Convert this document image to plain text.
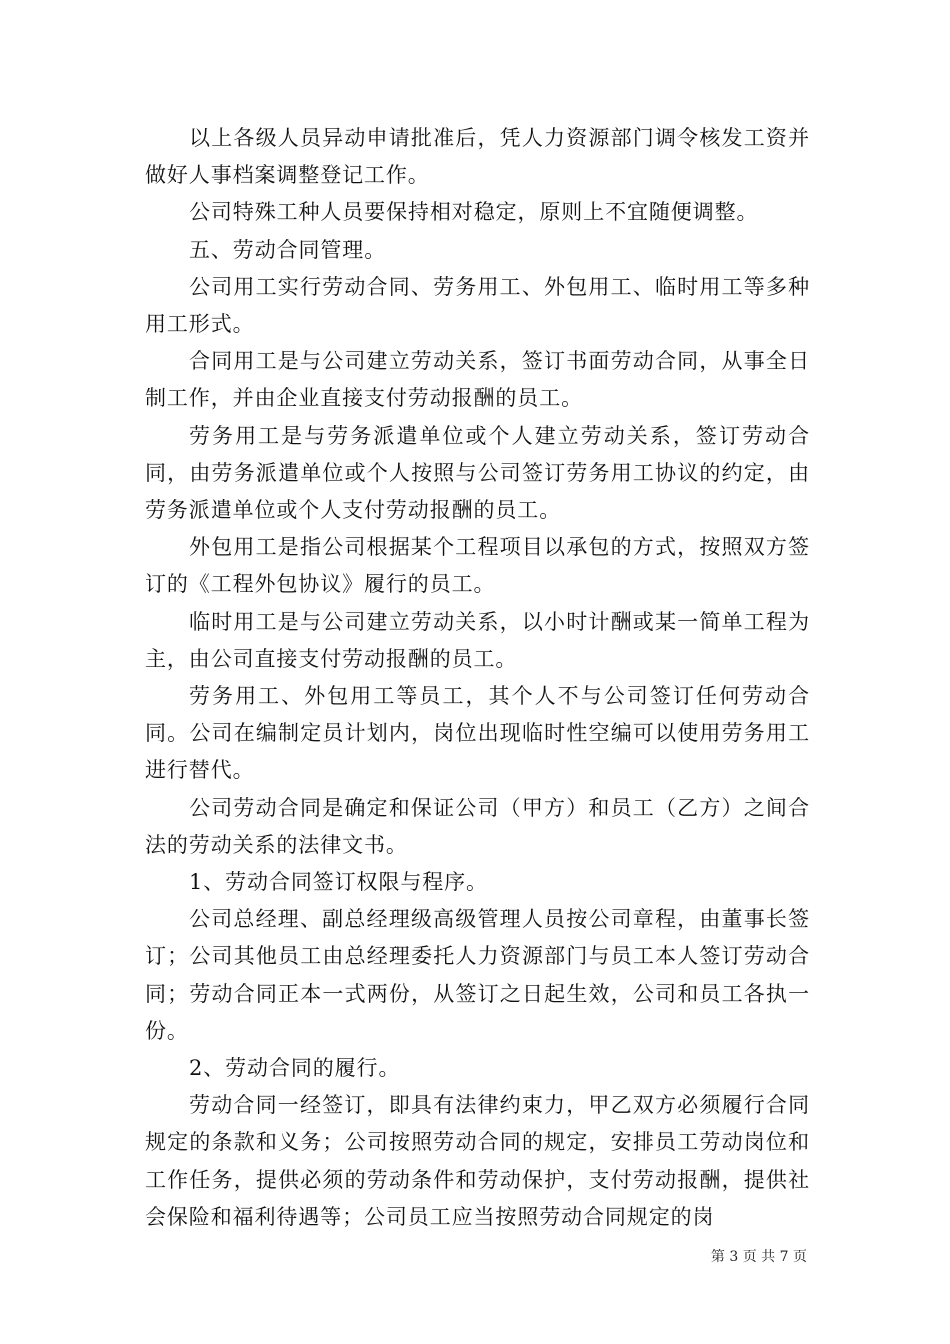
以上各级人员异动申请批准后，凭人力资源部门调令核发工资并做好人事档案调整登记工作。

公司特殊工种人员要保持相对稳定，原则上不宜随便调整。

五、劳动合同管理。

公司用工实行劳动合同、劳务用工、外包用工、临时用工等多种用工形式。

合同用工是与公司建立劳动关系，签订书面劳动合同，从事全日制工作，并由企业直接支付劳动报酬的员工。

劳务用工是与劳务派遣单位或个人建立劳动关系，签订劳动合同，由劳务派遣单位或个人按照与公司签订劳务用工协议的约定，由劳务派遣单位或个人支付劳动报酬的员工。

外包用工是指公司根据某个工程项目以承包的方式，按照双方签订的《工程外包协议》履行的员工。

临时用工是与公司建立劳动关系，以小时计酬或某一简单工程为主，由公司直接支付劳动报酬的员工。

劳务用工、外包用工等员工，其个人不与公司签订任何劳动合同。公司在编制定员计划内，岗位出现临时性空编可以使用劳务用工进行替代。

公司劳动合同是确定和保证公司（甲方）和员工（乙方）之间合法的劳动关系的法律文书。

1、劳动合同签订权限与程序。

公司总经理、副总经理级高级管理人员按公司章程，由董事长签订；公司其他员工由总经理委托人力资源部门与员工本人签订劳动合同；劳动合同正本一式两份，从签订之日起生效，公司和员工各执一份。

2、劳动合同的履行。

劳动合同一经签订，即具有法律约束力，甲乙双方必须履行合同规定的条款和义务；公司按照劳动合同的规定，安排员工劳动岗位和工作任务，提供必须的劳动条件和劳动保护，支付劳动报酬，提供社会保险和福利待遇等；公司员工应当按照劳动合同规定的岗

第 3 页 共 7 页
